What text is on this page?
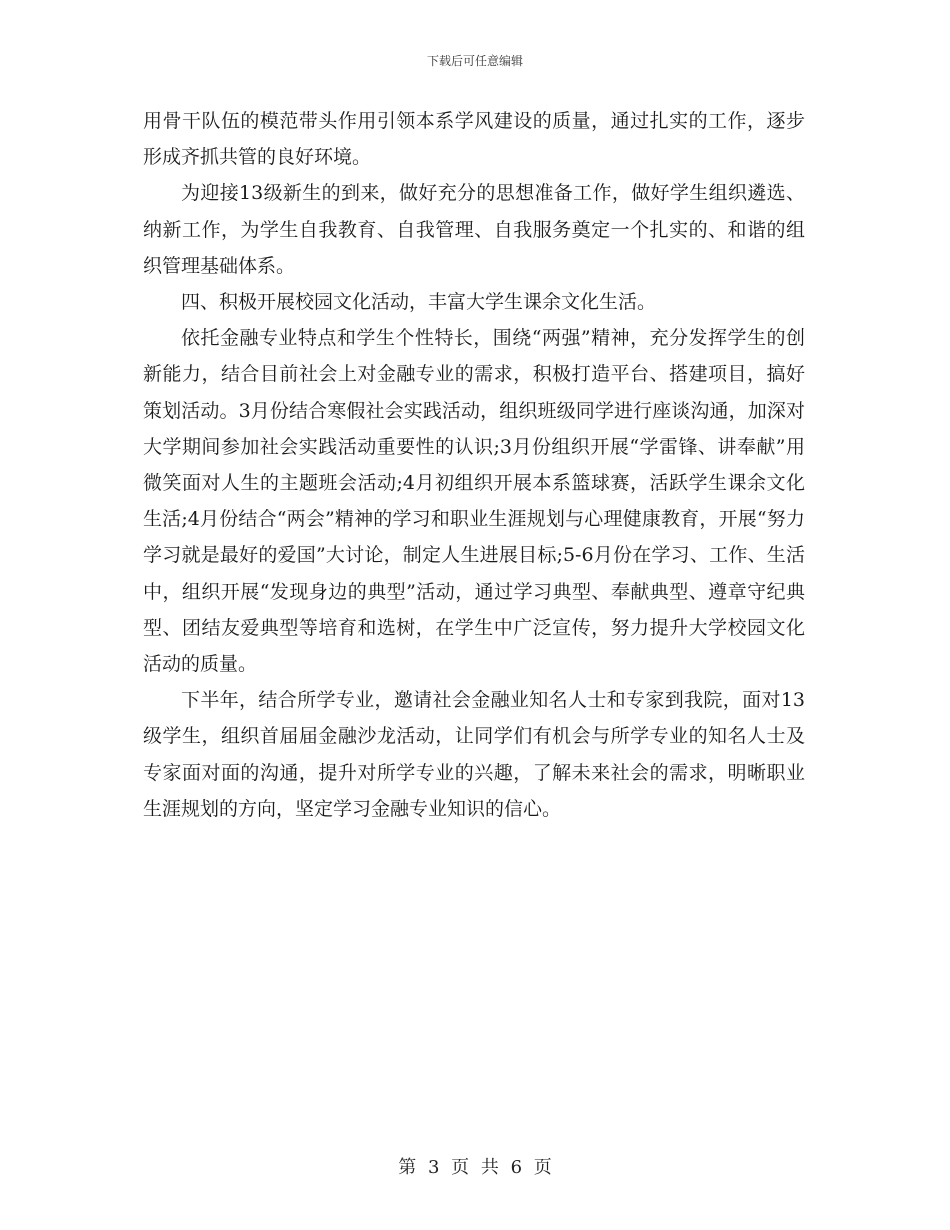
下载后可任意编辑

用骨干队伍的模范带头作用引领本系学风建设的质量，通过扎实的工作，逐步形成齐抓共管的良好环境。

为迎接13级新生的到来，做好充分的思想准备工作，做好学生组织遴选、纳新工作，为学生自我教育、自我管理、自我服务奠定一个扎实的、和谐的组织管理基础体系。

四、积极开展校园文化活动，丰富大学生课余文化生活。

依托金融专业特点和学生个性特长，围绕“两强”精神，充分发挥学生的创新能力，结合目前社会上对金融专业的需求，积极打造平台、搭建项目，搞好策划活动。3月份结合寒假社会实践活动，组织班级同学进行座谈沟通，加深对大学期间参加社会实践活动重要性的认识;3月份组织开展“学雷锋、讲奉献”用微笑面对人生的主题班会活动;4月初组织开展本系篮球赛，活跃学生课余文化生活;4月份结合“两会”精神的学习和职业生涯规划与心理健康教育，开展“努力学习就是最好的爱国”大讨论，制定人生进展目标;5-6月份在学习、工作、生活中，组织开展“发现身边的典型”活动，通过学习典型、奉献典型、遵章守纪典型、团结友爱典型等培育和选树，在学生中广泛宣传，努力提升大学校园文化活动的质量。

下半年，结合所学专业，邀请社会金融业知名人士和专家到我院，面对13级学生，组织首届届金融沙龙活动，让同学们有机会与所学专业的知名人士及专家面对面的沟通，提升对所学专业的兴趣，了解未来社会的需求，明晰职业生涯规划的方向，坚定学习金融专业知识的信心。

第 3 页 共 6 页
